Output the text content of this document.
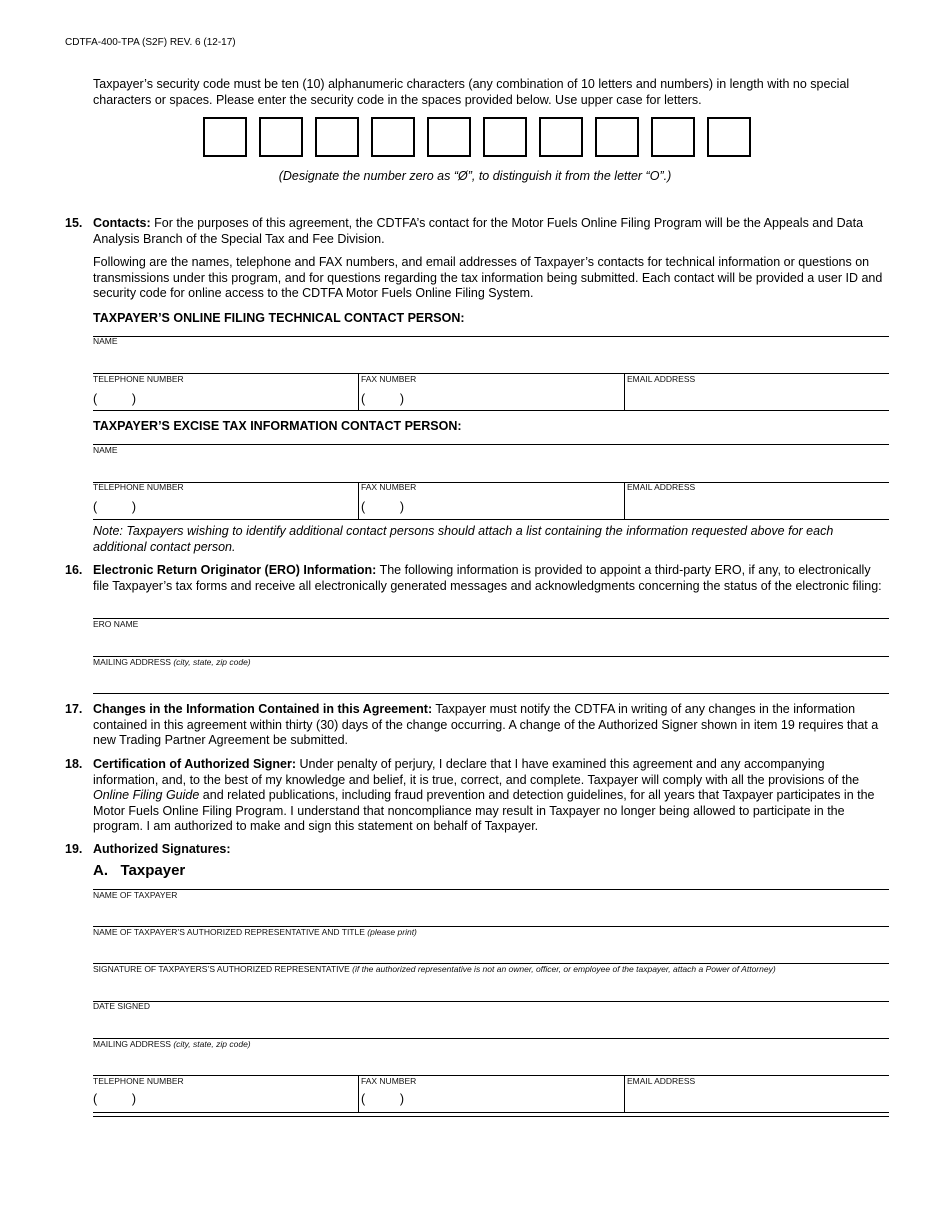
CDTFA-400-TPA (S2F) REV. 6 (12-17)
Taxpayer’s security code must be ten (10) alphanumeric characters (any combination of 10 letters and numbers) in length with no special characters or spaces. Please enter the security code in the spaces provided below. Use upper case for letters.
(Designate the number zero as “Ø”, to distinguish it from the letter “O”.)
15. Contacts: For the purposes of this agreement, the CDTFA’s contact for the Motor Fuels Online Filing Program will be the Appeals and Data Analysis Branch of the Special Tax and Fee Division.
Following are the names, telephone and FAX numbers, and email addresses of Taxpayer’s contacts for technical information or questions on transmissions under this program, and for questions regarding the tax information being submitted. Each contact will be provided a user ID and security code for online access to the CDTFA Motor Fuels Online Filing System.
TAXPAYER’S ONLINE FILING TECHNICAL CONTACT PERSON:
NAME
TELEPHONE NUMBER	FAX NUMBER	EMAIL ADDRESS
(          )	(          )
TAXPAYER’S EXCISE TAX INFORMATION CONTACT PERSON:
NAME
TELEPHONE NUMBER	FAX NUMBER	EMAIL ADDRESS
(          )	(          )
Note: Taxpayers wishing to identify additional contact persons should attach a list containing the information requested above for each additional contact person.
16. Electronic Return Originator (ERO) Information: The following information is provided to appoint a third-party ERO, if any, to electronically file Taxpayer’s tax forms and receive all electronically generated messages and acknowledgments concerning the status of the electronic filing:
ERO NAME
MAILING ADDRESS (city, state, zip code)
17. Changes in the Information Contained in this Agreement: Taxpayer must notify the CDTFA in writing of any changes in the information contained in this agreement within thirty (30) days of the change occurring. A change of the Authorized Signer shown in item 19 requires that a new Trading Partner Agreement be submitted.
18. Certification of Authorized Signer: Under penalty of perjury, I declare that I have examined this agreement and any accompanying information, and, to the best of my knowledge and belief, it is true, correct, and complete. Taxpayer will comply with all the provisions of the Online Filing Guide and related publications, including fraud prevention and detection guidelines, for all years that Taxpayer participates in the Motor Fuels Online Filing Program. I understand that noncompliance may result in Taxpayer no longer being allowed to participate in the program. I am authorized to make and sign this statement on behalf of Taxpayer.
19. Authorized Signatures:
A.   Taxpayer
NAME OF TAXPAYER
NAME OF TAXPAYER’S AUTHORIZED REPRESENTATIVE AND TITLE (please print)
SIGNATURE OF TAXPAYERS’S AUTHORIZED REPRESENTATIVE (if the authorized representative is not an owner, officer, or employee of the taxpayer, attach a Power of Attorney)
DATE SIGNED
MAILING ADDRESS (city, state, zip code)
TELEPHONE NUMBER	FAX NUMBER	EMAIL ADDRESS
(          )	(          )
